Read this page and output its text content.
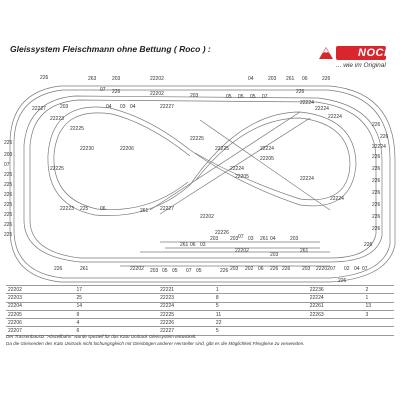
Gleissystem Fleischmann ohne Bettung ( Roco ) :	NOCH
... wie im Original
226	263	203	22202	04	203 261 06	226
07 226	22202	203	05 05 05 07
226
22227	203	04 03 04	22227
22224
22224
22224
225
203
07
225
225
226
225
225
226
225
22223
22225
22225
22230	22206
22225
22225
22224
22224
22205
22205	22224
22224
226
226
22224
226
226
226
226
226
226
226
226
22223 225 06	261 22227
22202
22226
07
203 203 03 261 04	203
261 06 03
22202
203
261
226	261	22202 203 05 05 07 05	226 203 202 06 226 226 203 22202 07 02 04 07
226
22202	17	22221	1	22236	2
22203	25	22223	8	22224	1
22204	14	22224	5	22261	13
22205	9	22225	11	22263	3
22206	4	22226	22		
22207	6	22227	5		
Der Trassenbaustz "Abstellbahn" wurde speziell für das Kato Unitrack Gleissystem entwickelt.
Da die Gleisenden des Kato Unitrack nicht lochungsgleich mit Gleisbögen anderer Hersteller sind, gibt es die Möglichkeit Flexgleise zu verwenden.
